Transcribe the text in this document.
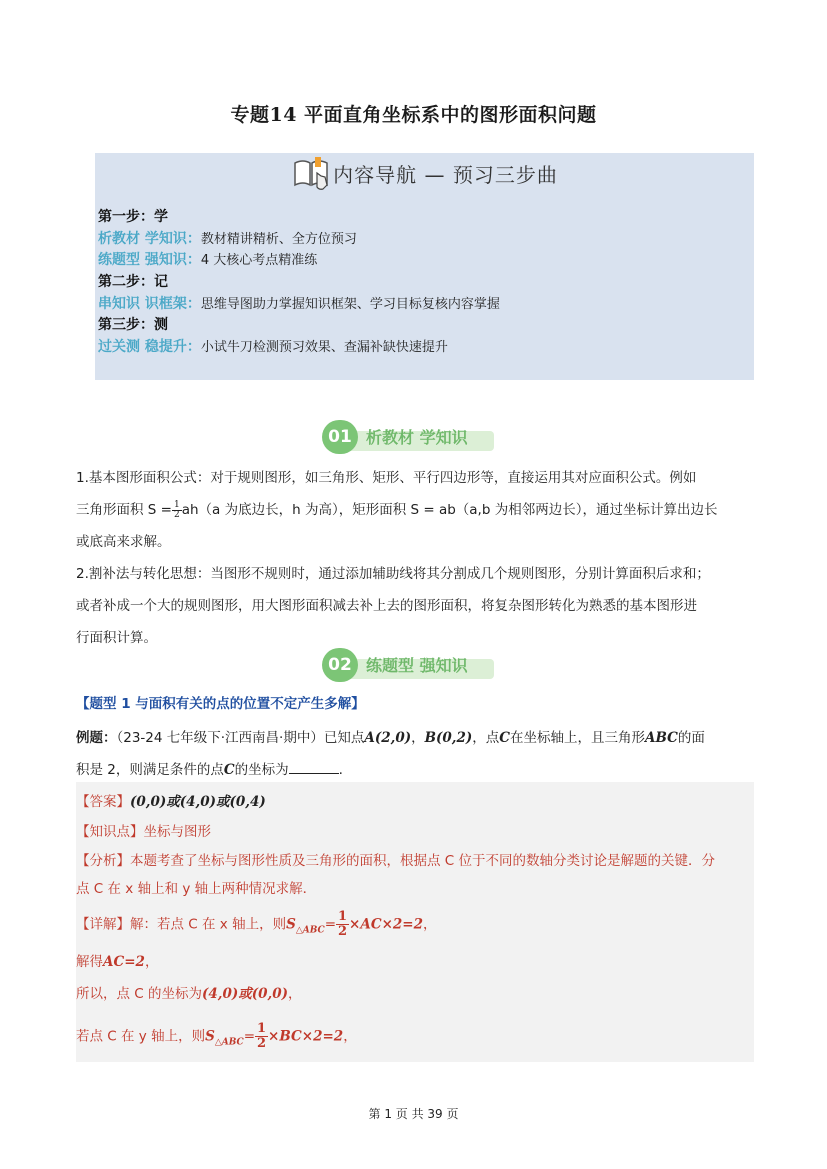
专题14 平面直角坐标系中的图形面积问题
内容导航 — 预习三步曲
第一步：学
析教材 学知识：教材精讲精析、全方位预习
练题型 强知识：4 大核心考点精准练
第二步：记
串知识 识框架：思维导图助力掌握知识框架、学习目标复核内容掌握
第三步：测
过关测 稳提升：小试牛刀检测预习效果、查漏补缺快速提升
01 析教材 学知识

1.基本图形面积公式：对于规则图形，如三角形、矩形、平行四边形等，直接运用其对应面积公式。例如

三角形面积 $S = \frac{1}{2} ah(a$ 为底边长，h 为高），矩形面积 S = ab（a,b 为相邻两边长），通过坐标计算出边长

或底高来求解。

2.割补法与转化思想：当图形不规则时，通过添加辅助线将其分割成几个规则图形，分别计算面积后求和；

或者补成一个大的规则图形，用大图形面积减去补上去的图形面积，将复杂图形转化为熟悉的基本图形进

行面积计算。

02 练题型 强知识
【题型 1 与面积有关的点的位置不定产生多解】

例题：（23-24 七年级下·江西南昌·期中）已知点A(2,0)，B(0,2)，点C在坐标轴上，且三角形ABC的面

积是 2，则满足条件的点C的坐标为	.

【答案】(0,0)或(4,0)或(0,4)
【知识点】坐标与图形
【分析】本题考查了坐标与图形性质及三角形的面积，根据点 C 位于不同的数轴分类讨论是解题的关键．分
点 C 在 x 轴上和 y 轴上两种情况求解．
【详解】解：若点 C 在 x 轴上，则$S_{\triangle ABC}= \frac{1}{2} \times AC\times 2=2$，
解得AC=2，
所以，点 C 的坐标为(4,0)或(0,0)，
若点 C 在 y 轴上，则$S_{\triangle ABC}= \frac{1}{2} \times BC\times 2=2$，
第 1 页 共 39 页
